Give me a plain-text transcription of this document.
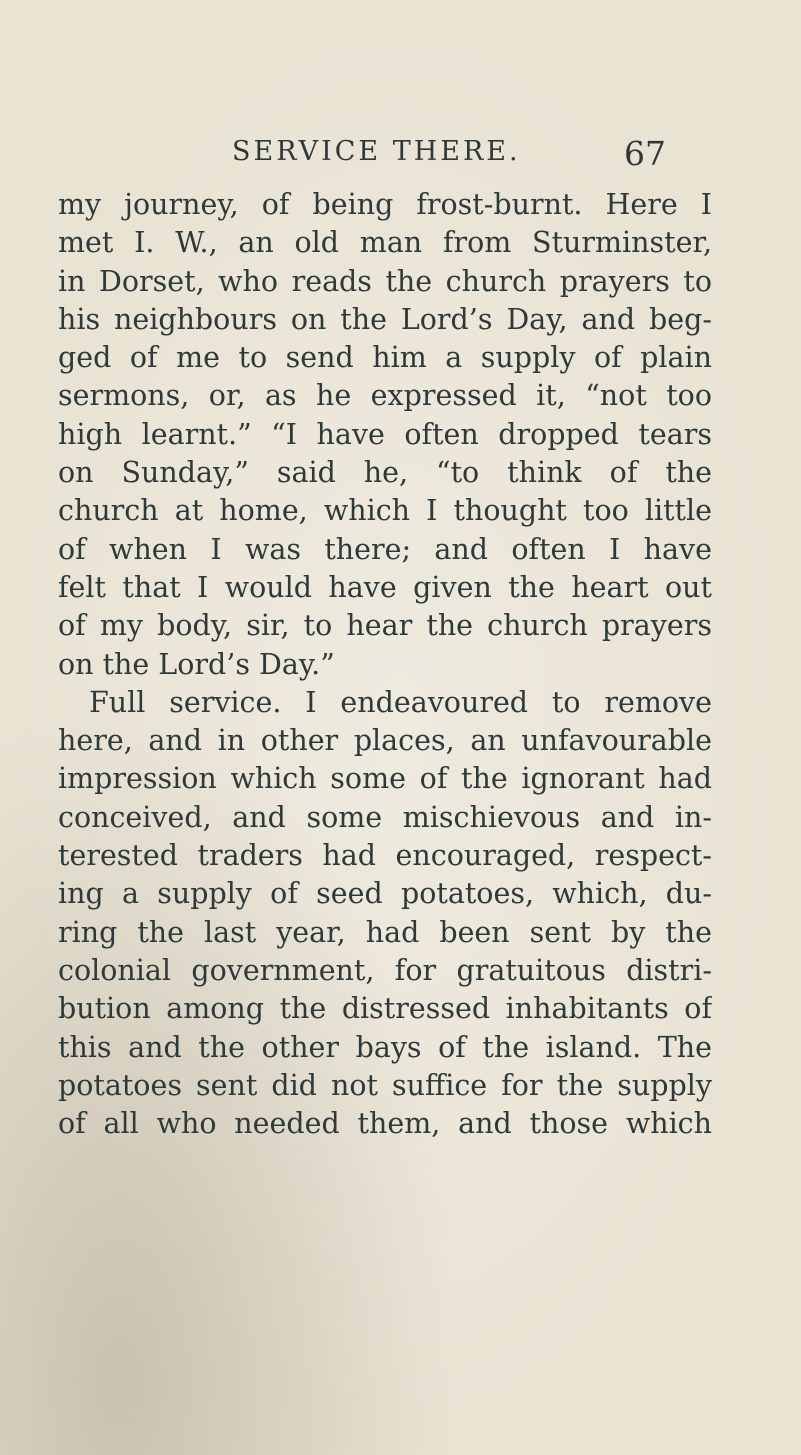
SERVICE THERE.	67
my journey, of being frost-burnt. Here I
met I. W., an old man from Sturminster,
in Dorset, who reads the church prayers to
his neighbours on the Lord’s Day, and beg-
ged of me to send him a supply of plain
sermons, or, as he expressed it, “not too
high learnt.” “I have often dropped tears
on Sunday,” said he, “to think of the
church at home, which I thought too little
of when I was there; and often I have
felt that I would have given the heart out
of my body, sir, to hear the church prayers
on the Lord’s Day.”
Full service. I endeavoured to remove
here, and in other places, an unfavourable
impression which some of the ignorant had
conceived, and some mischievous and in-
terested traders had encouraged, respect-
ing a supply of seed potatoes, which, du-
ring the last year, had been sent by the
colonial government, for gratuitous distri-
bution among the distressed inhabitants of
this and the other bays of the island. The
potatoes sent did not suffice for the supply
of all who needed them, and those which
